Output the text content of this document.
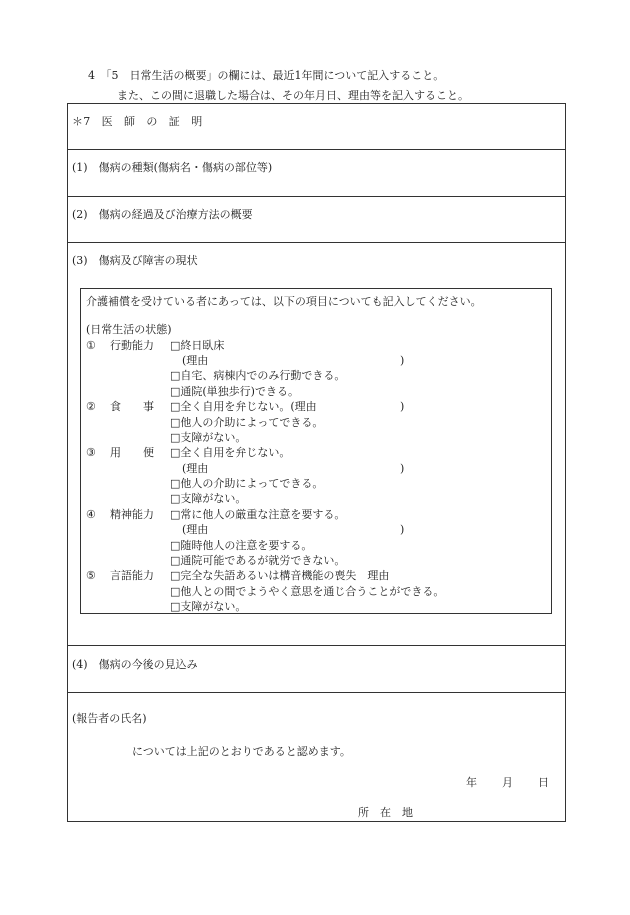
4　「5　日常生活の概要」の欄には、最近1年間について記入すること。
また、この間に退職した場合は、その年月日、理由等を記入すること。
＊7　医　師　の　証　明
(1)　傷病の種類(傷病名・傷病の部位等)
(2)　傷病の経過及び治療方法の概要
(3)　傷病及び障害の現状
(4)　傷病の今後の見込み
介護補償を受けている者にあっては、以下の項目についても記入してください。
(日常生活の状態)
① 行動能力 □終日臥床
(理由	)
□自宅、病棟内でのみ行動できる。
□通院(単独歩行)できる。
② 食　　事 □全く自用を弁じない。(理由	)
□他人の介助によってできる。
□支障がない。
③ 用　　便 □全く自用を弁じない。
(理由	)
□他人の介助によってできる。
□支障がない。
④ 精神能力 □常に他人の厳重な注意を要する。
(理由	)
□随時他人の注意を要する。
□通院可能であるが就労できない。
⑤ 言語能力 □完全な失語あるいは構音機能の喪失　理由
□他人との間でようやく意思を通じ合うことができる。
□支障がない。
(報告者の氏名)
については上記のとおりであると認めます。
年 月 日
所　在　地
